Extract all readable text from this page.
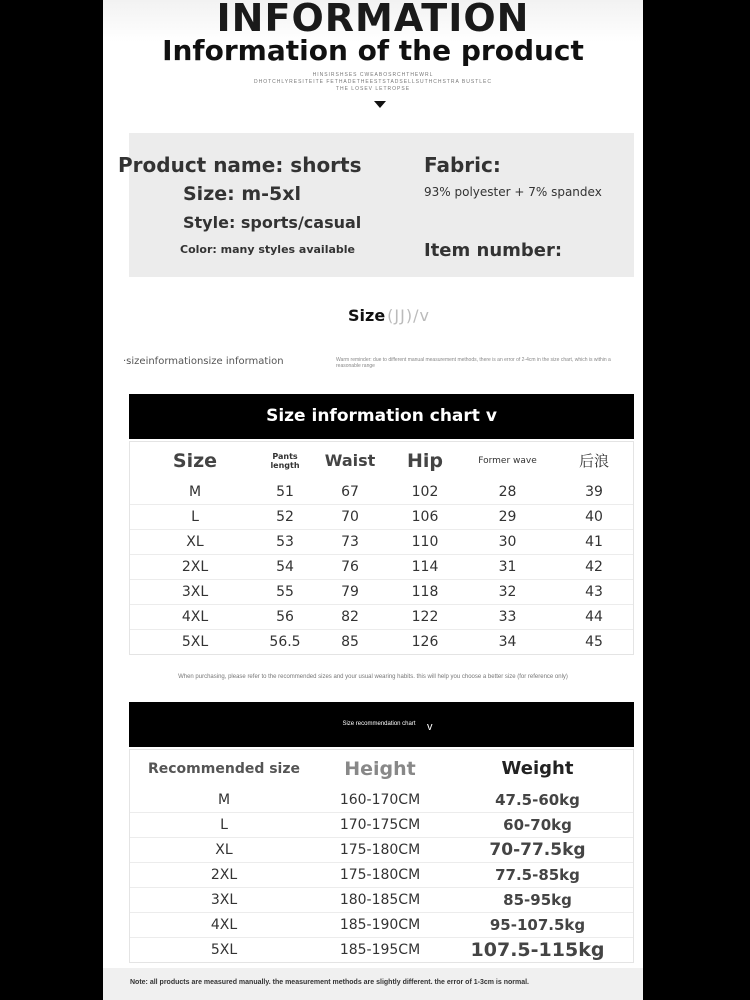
INFORMATION
Information of the product
HINSIRSHSES CWEABOSRCHTHEWRL
DHOTCHLYRESITEITE FETHADETHEESTSTADSELLSUTHCHSTRA BUSTLEC
THE LOSEV LETROPSE
Product name: shorts
Size: m-5xl
Style: sports/casual
Color: many styles available
Fabric:
93% polyester + 7% spandex
Item number:
Size (JJ)/v
·sizeinformationsize information	Warm reminder: due to different manual measurement methods, there is an error of 2-4cm in the size chart, which is within a reasonable range
Size information chart v
Size	Pants length	Waist	Hip	Former wave	后浪
M	51	67	102	28	39
L	52	70	106	29	40
XL	53	73	110	30	41
2XL	54	76	114	31	42
3XL	55	79	118	32	43
4XL	56	82	122	33	44
5XL	56.5	85	126	34	45
When purchasing, please refer to the recommended sizes and your usual wearing habits. this will help you choose a better size (for reference only)
Size recommendation chart	v
Recommended size	Height	Weight
M	160-170CM	47.5-60kg
L	170-175CM	60-70kg
XL	175-180CM	70-77.5kg
2XL	175-180CM	77.5-85kg
3XL	180-185CM	85-95kg
4XL	185-190CM	95-107.5kg
5XL	185-195CM	107.5-115kg
Note: all products are measured manually. the measurement methods are slightly different. the error of 1-3cm is normal.
